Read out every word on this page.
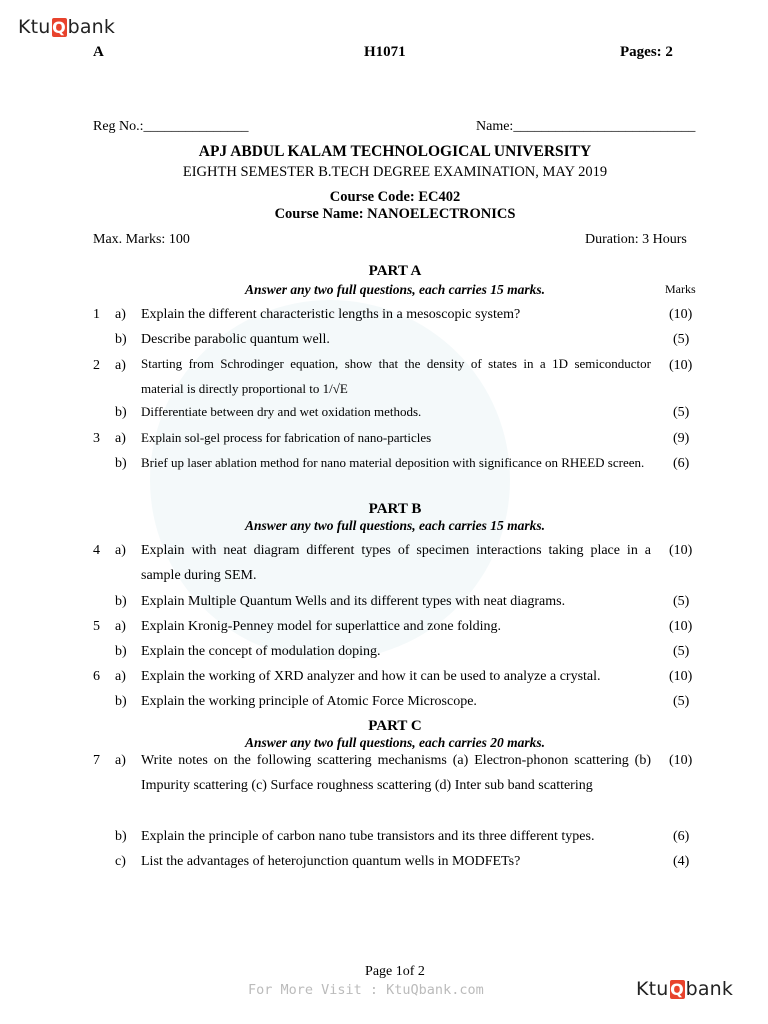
Ktu Q bank
A	H1071	Pages: 2
Reg No.:_______________	Name:__________________________
APJ ABDUL KALAM TECHNOLOGICAL UNIVERSITY
EIGHTH SEMESTER B.TECH DEGREE EXAMINATION, MAY 2019
Course Code: EC402
Course Name: NANOELECTRONICS
Max. Marks: 100	Duration: 3 Hours
PART A
Answer any two full questions, each carries 15 marks.	Marks
1 a) Explain the different characteristic lengths in a mesoscopic system?	(10)
b) Describe parabolic quantum well.	(5)
2 a) Starting from Schrodinger equation, show that the density of states in a 1D semiconductor material is directly proportional to 1/√E
(10)
b) Differentiate between dry and wet oxidation methods.	(5)
3 a) Explain sol-gel process for fabrication of nano-particles	(9)
b) Brief up laser ablation method for nano material deposition with significance on RHEED screen.	(6)
PART B
Answer any two full questions, each carries 15 marks.
4 a) Explain with neat diagram different types of specimen interactions taking place in a sample during SEM.
(10)
b) Explain Multiple Quantum Wells and its different types with neat diagrams.	(5)
5 a) Explain Kronig-Penney model for superlattice and zone folding.	(10)
b) Explain the concept of modulation doping.	(5)
6 a) Explain the working of XRD analyzer and how it can be used to analyze a crystal.	(10)
b) Explain the working principle of Atomic Force Microscope.	(5)
PART C
Answer any two full questions, each carries 20 marks.
7 a) Write notes on the following scattering mechanisms (a) Electron-phonon scattering (b) Impurity scattering (c) Surface roughness scattering (d) Inter sub band scattering
(10)
b) Explain the principle of carbon nano tube transistors and its three different types.	(6)
c) List the advantages of heterojunction quantum wells in MODFETs?	(4)
Page 1of 2
For More Visit : KtuQbank.com	Ktu Q bank
